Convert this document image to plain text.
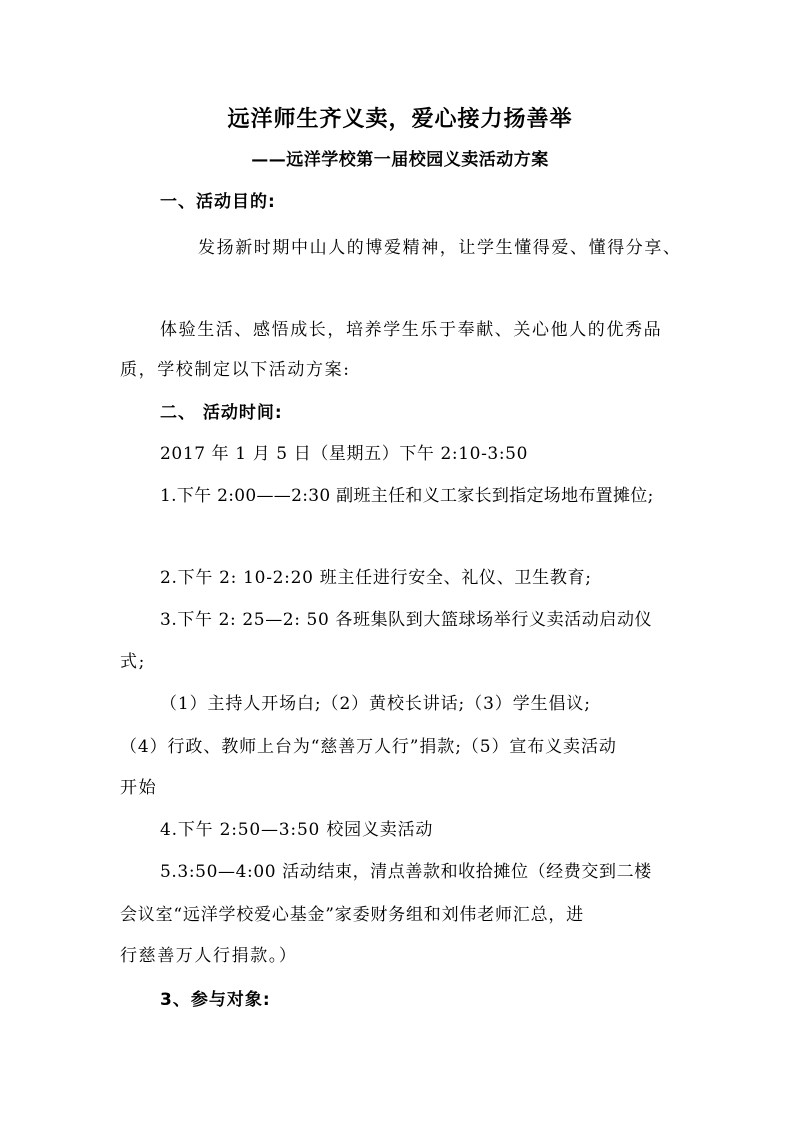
远洋师生齐义卖，爱心接力扬善举
——远洋学校第一届校园义卖活动方案
一、活动目的:
发扬新时期中山人的博爱精神，让学生懂得爱、懂得分享、
体验生活、感悟成长，培养学生乐于奉献、关心他人的优秀品
质，学校制定以下活动方案:
二、 活动时间:
2017 年 1 月 5 日（星期五）下午 2:10-3:50
1.下午 2:00——2:30 副班主任和义工家长到指定场地布置摊位;
2.下午 2: 10-2:20 班主任进行安全、礼仪、卫生教育;
3.下午 2: 25—2: 50 各班集队到大篮球场举行义卖活动启动仪
式;
（1）主持人开场白;（2）黄校长讲话;（3）学生倡议;
（4）行政、教师上台为“慈善万人行”捐款;（5）宣布义卖活动
开始
4.下午 2:50—3:50 校园义卖活动
5.3:50—4:00 活动结束，清点善款和收拾摊位（经费交到二楼
会议室“远洋学校爱心基金”家委财务组和刘伟老师汇总，进
行慈善万人行捐款。）
3、参与对象:
